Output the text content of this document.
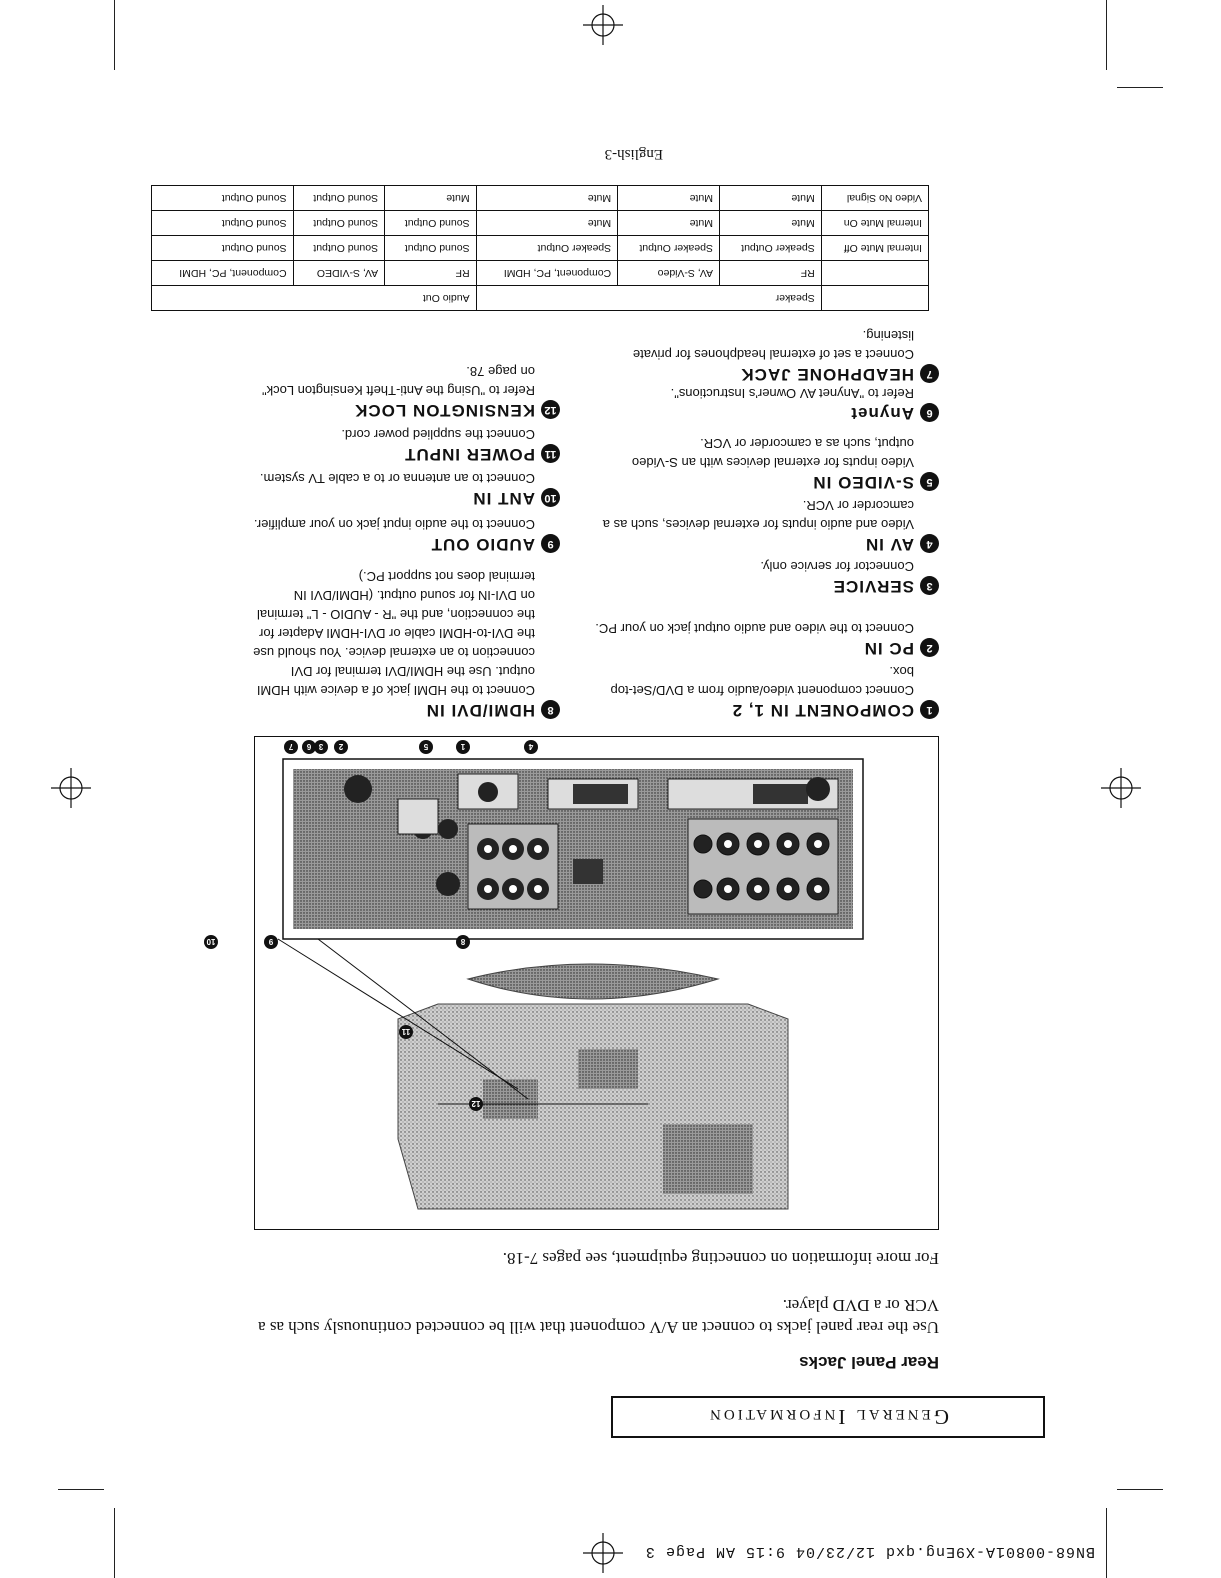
BN68-00801A-X9Eng.qxd 12/23/04 9:15 AM Page 3
General Information
Rear Panel Jacks
Use the rear panel jacks to connect an A/V component that will be connected continuously such as a VCR or a DVD player.
For more information on connecting equipment, see pages 7-18.
1
2
3	4
5
6
7
8
9
10
11
12
1
COMPONENT IN 1, 2
Connect component video/audio from a DVD/Set-top box.
2
PC IN
Connect to the video and audio output jack on your PC.
3
SERVICE
Connector for service only.
4
AV IN
Video and audio inputs for external devices, such as a camcorder or VCR.
5
S-VIDEO IN
Video inputs for external devices with an S-Video output, such as a camcorder or VCR.
6
Anynet
Refer to "Anynet AV Owner's Instructions".
7
HEADPHONE JACK
Connect a set of external headphones for private listening.
8
HDMI/DVI IN
Connect to the HDMI jack of a device with HDMI output. Use the HDMI/DVI terminal for DVI connection to an external device. You should use the DVI-to-HDMI cable or DVI-HDMI Adapter for the connection, and the "R - AUDIO - L" terminal on DVI-IN for sound output. (HDMI/DVI IN terminal does not support PC.)
9
AUDIO OUT
Connect to the audio input jack on your amplifier.
10
ANT IN
Connect to an antenna or to a cable TV system.
11
POWER INPUT
Connect the supplied power cord.
12
KENSINGTON LOCK
Refer to "Using the Anti-Theft Kensington Lock" on page 78.
	Speaker			Audio Out		
	RF	AV, S-Video	Component, PC, HDMI	RF	AV, S-VIDEO	Component, PC, HDMI
Internal Mute Off	Speaker Output	Speaker Output	Speaker Output	Sound Output	Sound Output	Sound Output
Internal Mute On	Mute	Mute	Mute	Sound Output	Sound Output	Sound Output
Video No Signal	Mute	Mute	Mute	Mute	Sound Output	Sound Output
English-3
